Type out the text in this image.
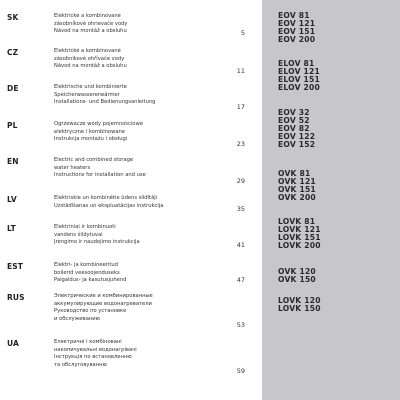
SK	Elektrické a kombinované
zásobníkové ohrievače vody
Návod na montáž a obsluhu	5
CZ	Elektrické a kombinované
zásobníkové ohřívače vody
Návod na montáž a obsluhu
11
DE	Elektrische und kombinierte
Speicherwassererwärmer
Installations- und Bedienungsanleitung
17
PL	Ogrzewacze wody pojemnościowe
elektryczne i kombinowane
Instrukcja montażu i obsługi
23
EN	Electric and combined storage
water heaters
Instructions for installation and use
29
LV	Elektriskie un kombinētie ūdens sildītāji
Uzstādīšanas un ekspluatācijas instrukcija	35
LT	Elektriniai ir kombinuoti
vandens šildytuvai
Įrengimo ir naudojimo instrukcija	41
EST	Elektri- ja kombineeritud
boilerid veesoojenduseks
Paigaldus- ja kasutusjuhend	47
RUS	Электрические и комбинированные
аккумулирующие водонагреватели
Руководство по установке
и обслуживанию
53
UA	Електричні і комбіновані
накопичувальні водонагрівачі
Інструкція по встановленню
та обслуговуванню
59
EOV 81
EOV 121
EOV 151
EOV 200
ELOV 81
ELOV 121
ELOV 151
ELOV 200
EOV 32
EOV 52
EOV 82
EOV 122
EOV 152
OVK 81
OVK 121
OVK 151
OVK 200
LOVK 81
LOVK 121
LOVK 151
LOVK 200
OVK 120
OVK 150
LOVK 120
LOVK 150
